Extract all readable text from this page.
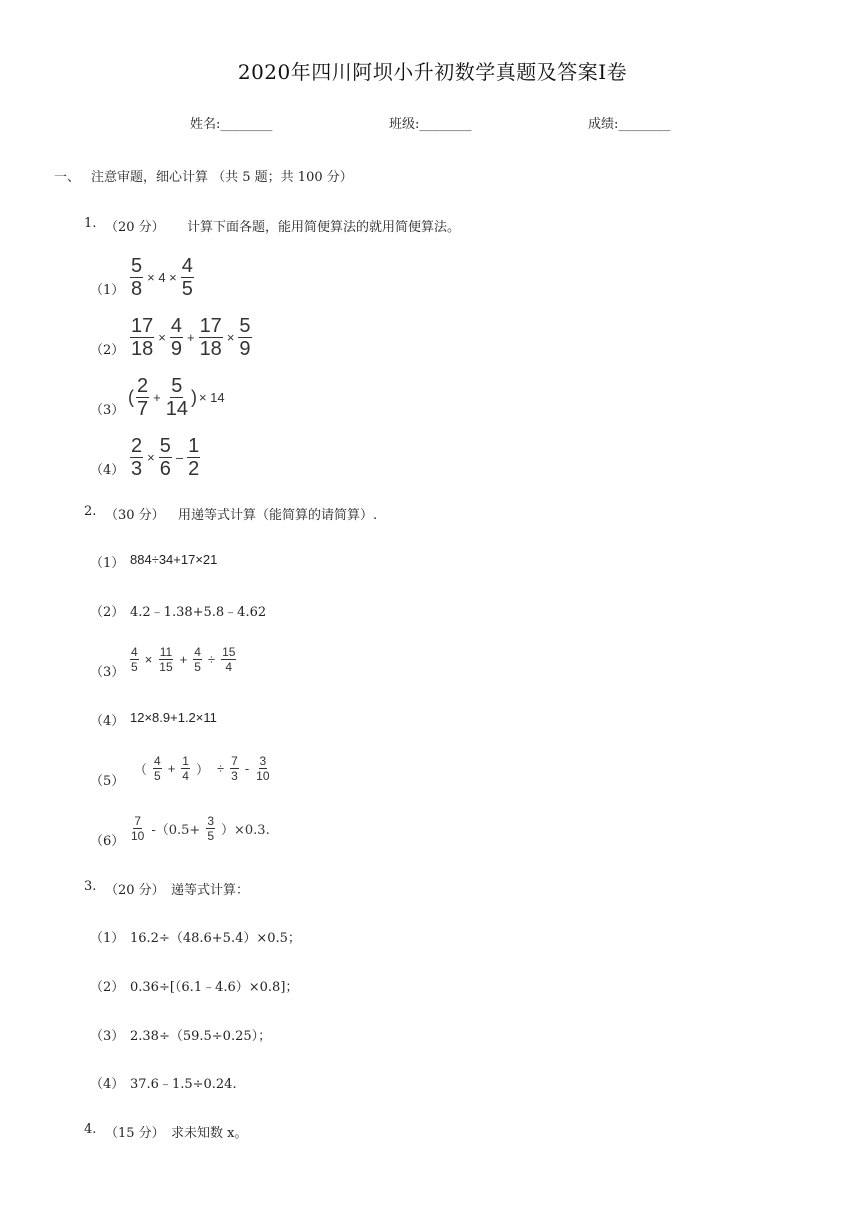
2020年四川阿坝小升初数学真题及答案Ⅰ卷
姓名:________	班级:________	成绩:________
一、 注意审题，细心计算 （共 5 题；共 100 分）
1. （20 分） 计算下面各题，能用简便算法的就用简便算法。
$(1) \frac{5}{8} \times 4 \times \frac{4}{5}$
$(2) \frac{17}{18} \times \frac{4}{9} + \frac{17}{18} \times \frac{5}{9}$
（3）
( $\frac{2}{7} + \frac{5}{14}$ ) × 14
$(4) \frac{2}{3} \times \frac{5}{6} - \frac{1}{2}$
2. （30 分） 用递等式计算（能简算的请简算）.
（1） 884÷34+17×21
（2） 4.2﹣1.38+5.8﹣4.62
$(3) \frac{4}{5} \times \frac{11}{15} + \frac{4}{5} \div \frac{15}{4}$
（4） 12×8.9+1.2×11
（5）
（ $\frac{4}{5} + \frac{1}{4}$ ） ÷ $\frac{7}{3} - \frac{3}{10}$
$(6) \frac{7}{10} -(0.5+ \frac{3}{5} )\times 0.3$.
3. （20 分） 递等式计算：
（1） 16.2÷（48.6+5.4）×0.5；
（2） 0.36÷[（6.1﹣4.6）×0.8]；
（3） 2.38÷（59.5÷0.25）；
（4） 37.6﹣1.5÷0.24.
4. （15 分） 求未知数 x。
